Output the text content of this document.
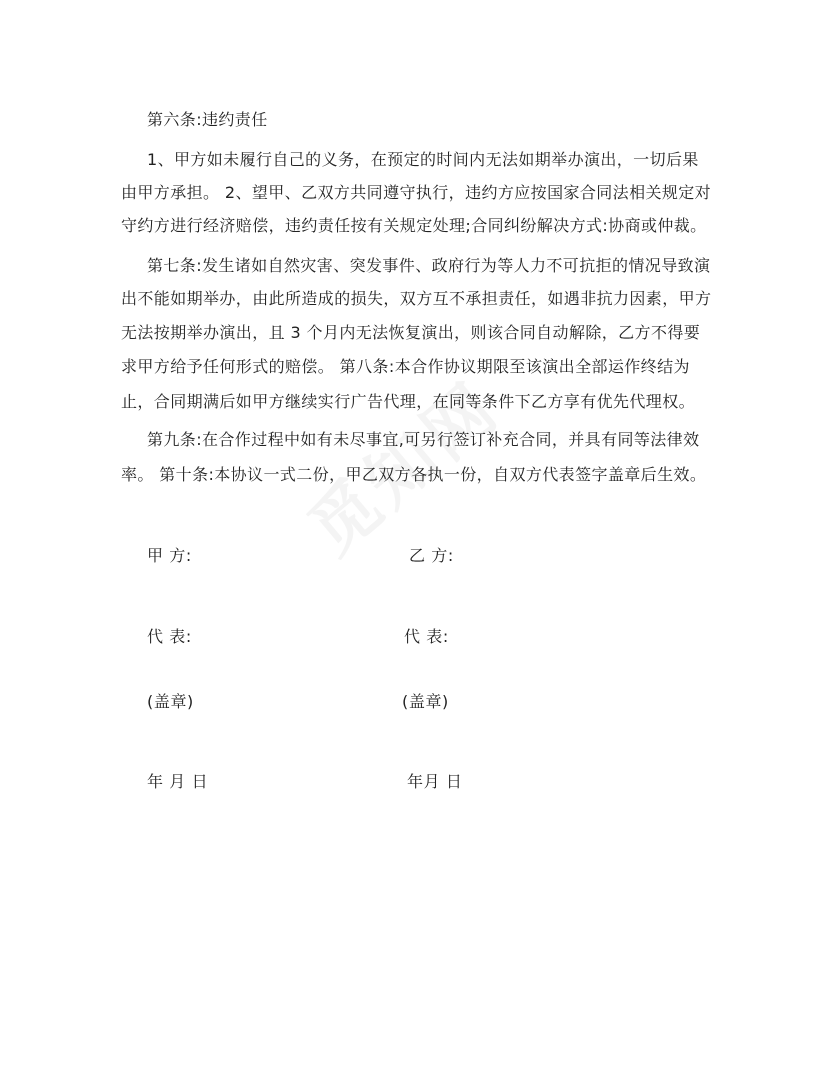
第六条:违约责任
1、甲方如未履行自己的义务，在预定的时间内无法如期举办演出，一切后果
由甲方承担。 2、望甲、乙双方共同遵守执行，违约方应按国家合同法相关规定对
守约方进行经济赔偿，违约责任按有关规定处理;合同纠纷解决方式:协商或仲裁。
第七条:发生诸如自然灾害、突发事件、政府行为等人力不可抗拒的情况导致演
出不能如期举办，由此所造成的损失，双方互不承担责任，如遇非抗力因素，甲方
无法按期举办演出，且 3 个月内无法恢复演出，则该合同自动解除，乙方不得要
求甲方给予任何形式的赔偿。 第八条:本合作协议期限至该演出全部运作终结为
止，合同期满后如甲方继续实行广告代理，在同等条件下乙方享有优先代理权。
第九条:在合作过程中如有未尽事宜,可另行签订补充合同，并具有同等法律效
率。 第十条:本协议一式二份，甲乙双方各执一份，自双方代表签字盖章后生效。
甲 方:	乙 方:
代 表:	代 表:
(盖章)	(盖章)
年 月 日	年月 日
